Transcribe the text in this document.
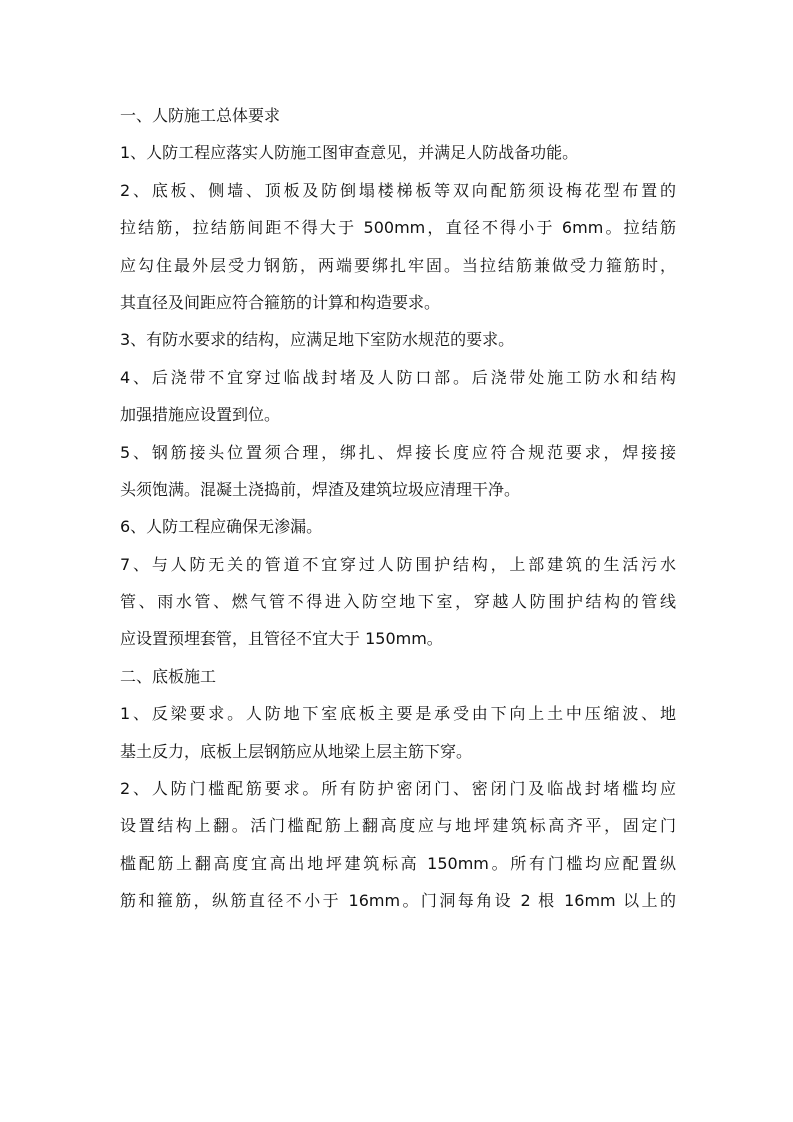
一、人防施工总体要求
1、人防工程应落实人防施工图审查意见，并满足人防战备功能。
2、底板、侧墙、顶板及防倒塌楼梯板等双向配筋须设梅花型布置的
拉结筋，拉结筋间距不得大于 500mm，直径不得小于 6mm。拉结筋
应勾住最外层受力钢筋，两端要绑扎牢固。当拉结筋兼做受力箍筋时，
其直径及间距应符合箍筋的计算和构造要求。
3、有防水要求的结构，应满足地下室防水规范的要求。
4、后浇带不宜穿过临战封堵及人防口部。后浇带处施工防水和结构
加强措施应设置到位。
5、钢筋接头位置须合理，绑扎、焊接长度应符合规范要求，焊接接
头须饱满。混凝土浇捣前，焊渣及建筑垃圾应清理干净。
6、人防工程应确保无渗漏。
7、与人防无关的管道不宜穿过人防围护结构，上部建筑的生活污水
管、雨水管、燃气管不得进入防空地下室，穿越人防围护结构的管线
应设置预埋套管，且管径不宜大于 150mm。
二、底板施工
1、反梁要求。人防地下室底板主要是承受由下向上土中压缩波、地
基土反力，底板上层钢筋应从地梁上层主筋下穿。
2、人防门槛配筋要求。所有防护密闭门、密闭门及临战封堵槛均应
设置结构上翻。活门槛配筋上翻高度应与地坪建筑标高齐平，固定门
槛配筋上翻高度宜高出地坪建筑标高 150mm。所有门槛均应配置纵
筋和箍筋，纵筋直径不小于 16mm。门洞每角设 2 根 16mm 以上的
